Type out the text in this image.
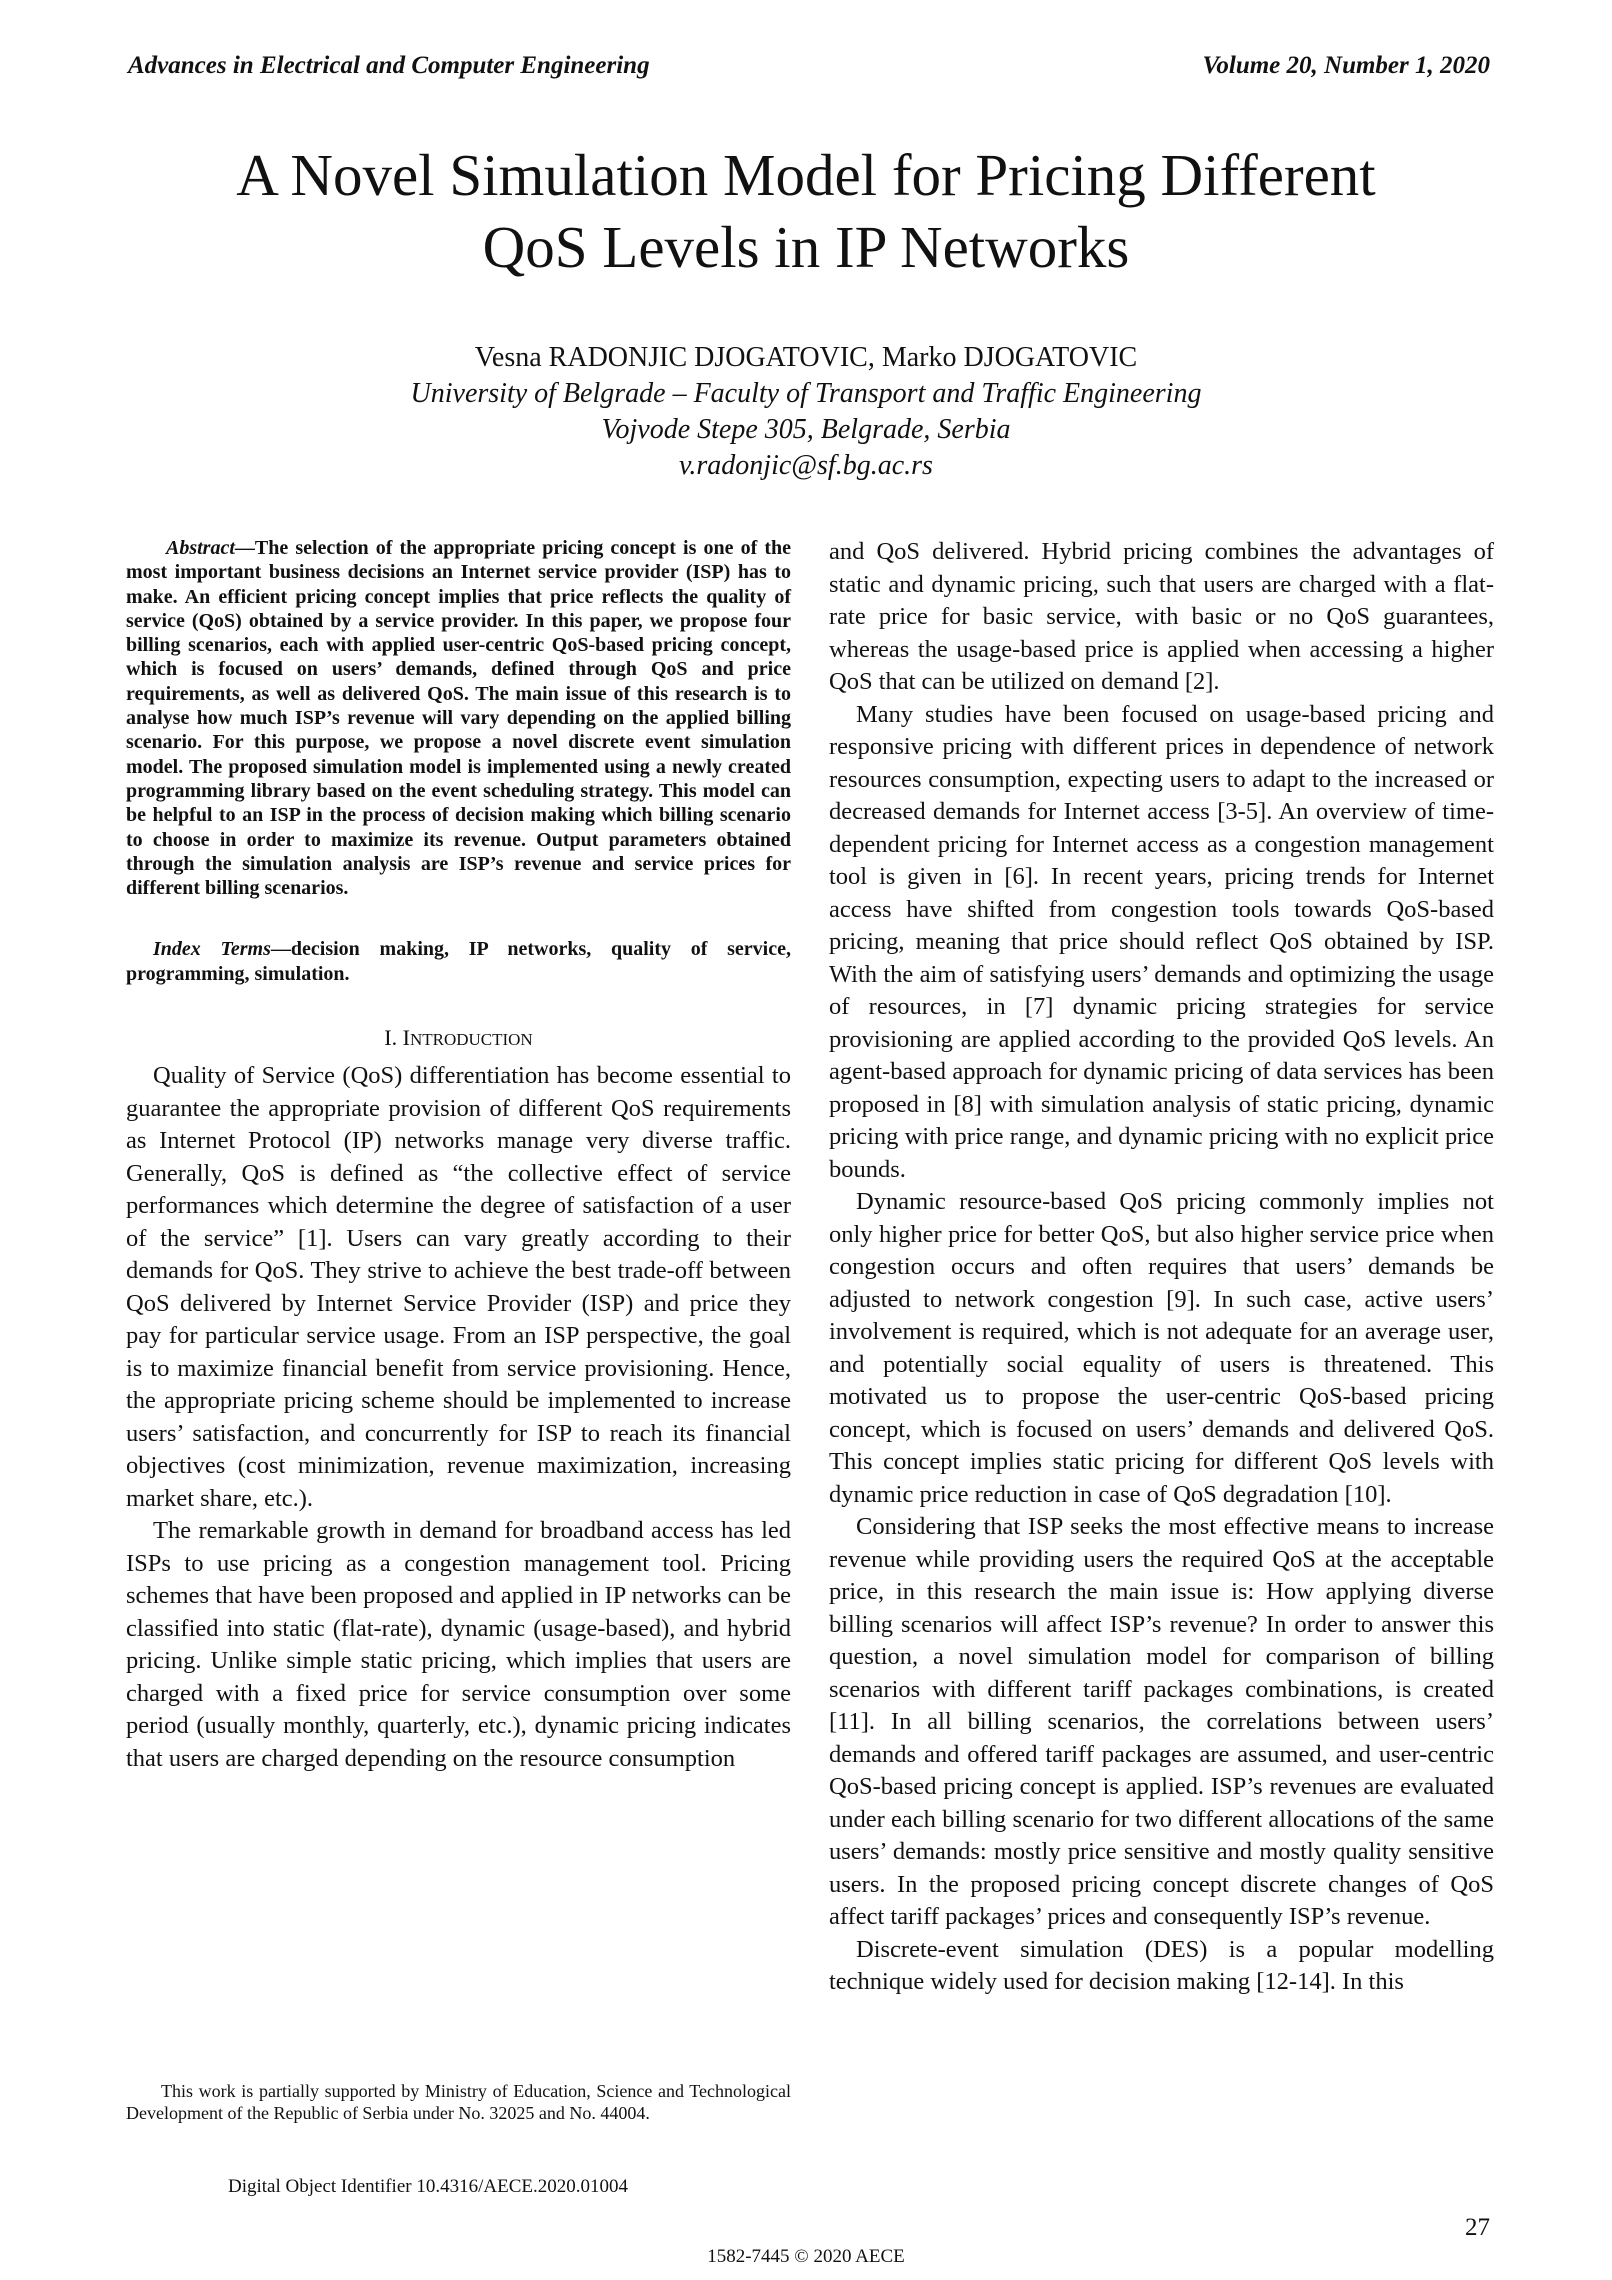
Advances in Electrical and Computer Engineering	Volume 20, Number 1, 2020
A Novel Simulation Model for Pricing Different
QoS Levels in IP Networks
Vesna RADONJIC DJOGATOVIC, Marko DJOGATOVIC
University of Belgrade – Faculty of Transport and Traffic Engineering
Vojvode Stepe 305, Belgrade, Serbia
v.radonjic@sf.bg.ac.rs

Abstract—The selection of the appropriate pricing concept is one of the most important business decisions an Internet service provider (ISP) has to make. An efficient pricing concept implies that price reflects the quality of service (QoS) obtained by a service provider. In this paper, we propose four billing scenarios, each with applied user-centric QoS-based pricing concept, which is focused on users’ demands, defined through QoS and price requirements, as well as delivered QoS. The main issue of this research is to analyse how much ISP’s revenue will vary depending on the applied billing scenario. For this purpose, we propose a novel discrete event simulation model. The proposed simulation model is implemented using a newly created programming library based on the event scheduling strategy. This model can be helpful to an ISP in the process of decision making which billing scenario to choose in order to maximize its revenue. Output parameters obtained through the simulation analysis are ISP’s revenue and service prices for different billing scenarios.

Index Terms—decision making, IP networks, quality of service, programming, simulation.

I. INTRODUCTION

Quality of Service (QoS) differentiation has become essential to guarantee the appropriate provision of different QoS requirements as Internet Protocol (IP) networks manage very diverse traffic. Generally, QoS is defined as “the collective effect of service performances which determine the degree of satisfaction of a user of the service” [1]. Users can vary greatly according to their demands for QoS. They strive to achieve the best trade-off between QoS delivered by Internet Service Provider (ISP) and price they pay for particular service usage. From an ISP perspective, the goal is to maximize financial benefit from service provisioning. Hence, the appropriate pricing scheme should be implemented to increase users’ satisfaction, and concurrently for ISP to reach its financial objectives (cost minimization, revenue maximization, increasing market share, etc.).

The remarkable growth in demand for broadband access has led ISPs to use pricing as a congestion management tool. Pricing schemes that have been proposed and applied in IP networks can be classified into static (flat-rate), dynamic (usage-based), and hybrid pricing. Unlike simple static pricing, which implies that users are charged with a fixed price for service consumption over some period (usually monthly, quarterly, etc.), dynamic pricing indicates that users are charged depending on the resource consumption

and QoS delivered. Hybrid pricing combines the advantages of static and dynamic pricing, such that users are charged with a flat-rate price for basic service, with basic or no QoS guarantees, whereas the usage-based price is applied when accessing a higher QoS that can be utilized on demand [2].

Many studies have been focused on usage-based pricing and responsive pricing with different prices in dependence of network resources consumption, expecting users to adapt to the increased or decreased demands for Internet access [3-5]. An overview of time-dependent pricing for Internet access as a congestion management tool is given in [6]. In recent years, pricing trends for Internet access have shifted from congestion tools towards QoS-based pricing, meaning that price should reflect QoS obtained by ISP. With the aim of satisfying users’ demands and optimizing the usage of resources, in [7] dynamic pricing strategies for service provisioning are applied according to the provided QoS levels. An agent-based approach for dynamic pricing of data services has been proposed in [8] with simulation analysis of static pricing, dynamic pricing with price range, and dynamic pricing with no explicit price bounds.

Dynamic resource-based QoS pricing commonly implies not only higher price for better QoS, but also higher service price when congestion occurs and often requires that users’ demands be adjusted to network congestion [9]. In such case, active users’ involvement is required, which is not adequate for an average user, and potentially social equality of users is threatened. This motivated us to propose the user-centric QoS-based pricing concept, which is focused on users’ demands and delivered QoS. This concept implies static pricing for different QoS levels with dynamic price reduction in case of QoS degradation [10].

Considering that ISP seeks the most effective means to increase revenue while providing users the required QoS at the acceptable price, in this research the main issue is: How applying diverse billing scenarios will affect ISP’s revenue? In order to answer this question, a novel simulation model for comparison of billing scenarios with different tariff packages combinations, is created [11]. In all billing scenarios, the correlations between users’ demands and offered tariff packages are assumed, and user-centric QoS-based pricing concept is applied. ISP’s revenues are evaluated under each billing scenario for two different allocations of the same users’ demands: mostly price sensitive and mostly quality sensitive users. In the proposed pricing concept discrete changes of QoS affect tariff packages’ prices and consequently ISP’s revenue.

Discrete-event simulation (DES) is a popular modelling technique widely used for decision making [12-14]. In this

This work is partially supported by Ministry of Education, Science and Technological Development of the Republic of Serbia under No. 32025 and No. 44004.

Digital Object Identifier 10.4316/AECE.2020.01004
27
1582-7445 © 2020 AECE
